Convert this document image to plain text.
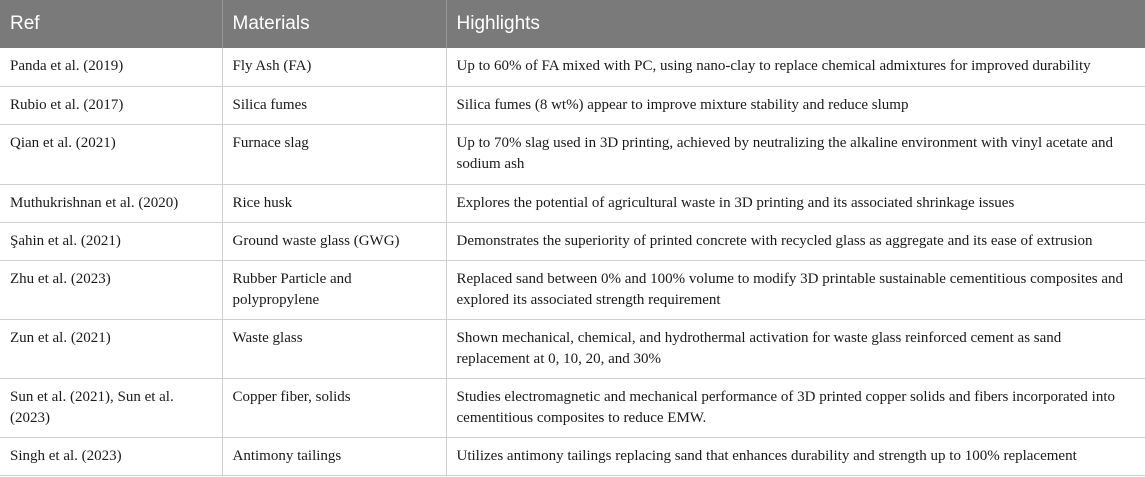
Ref	Materials	Highlights
Panda et al. (2019)	Fly Ash (FA)	Up to 60% of FA mixed with PC, using nano-clay to replace chemical admixtures for improved durability
Rubio et al. (2017)	Silica fumes	Silica fumes (8 wt%) appear to improve mixture stability and reduce slump
Qian et al. (2021)	Furnace slag	Up to 70% slag used in 3D printing, achieved by neutralizing the alkaline environment with vinyl acetate and sodium ash
Muthukrishnan et al. (2020)	Rice husk	Explores the potential of agricultural waste in 3D printing and its associated shrinkage issues
Şahin et al. (2021)	Ground waste glass (GWG)	Demonstrates the superiority of printed concrete with recycled glass as aggregate and its ease of extrusion
Zhu et al. (2023)	Rubber Particle and polypropylene	Replaced sand between 0% and 100% volume to modify 3D printable sustainable cementitious composites and explored its associated strength requirement
Zun et al. (2021)	Waste glass	Shown mechanical, chemical, and hydrothermal activation for waste glass reinforced cement as sand replacement at 0, 10, 20, and 30%
Sun et al. (2021), Sun et al. (2023)	Copper fiber, solids	Studies electromagnetic and mechanical performance of 3D printed copper solids and fibers incorporated into cementitious composites to reduce EMW.
Singh et al. (2023)	Antimony tailings	Utilizes antimony tailings replacing sand that enhances durability and strength up to 100% replacement
